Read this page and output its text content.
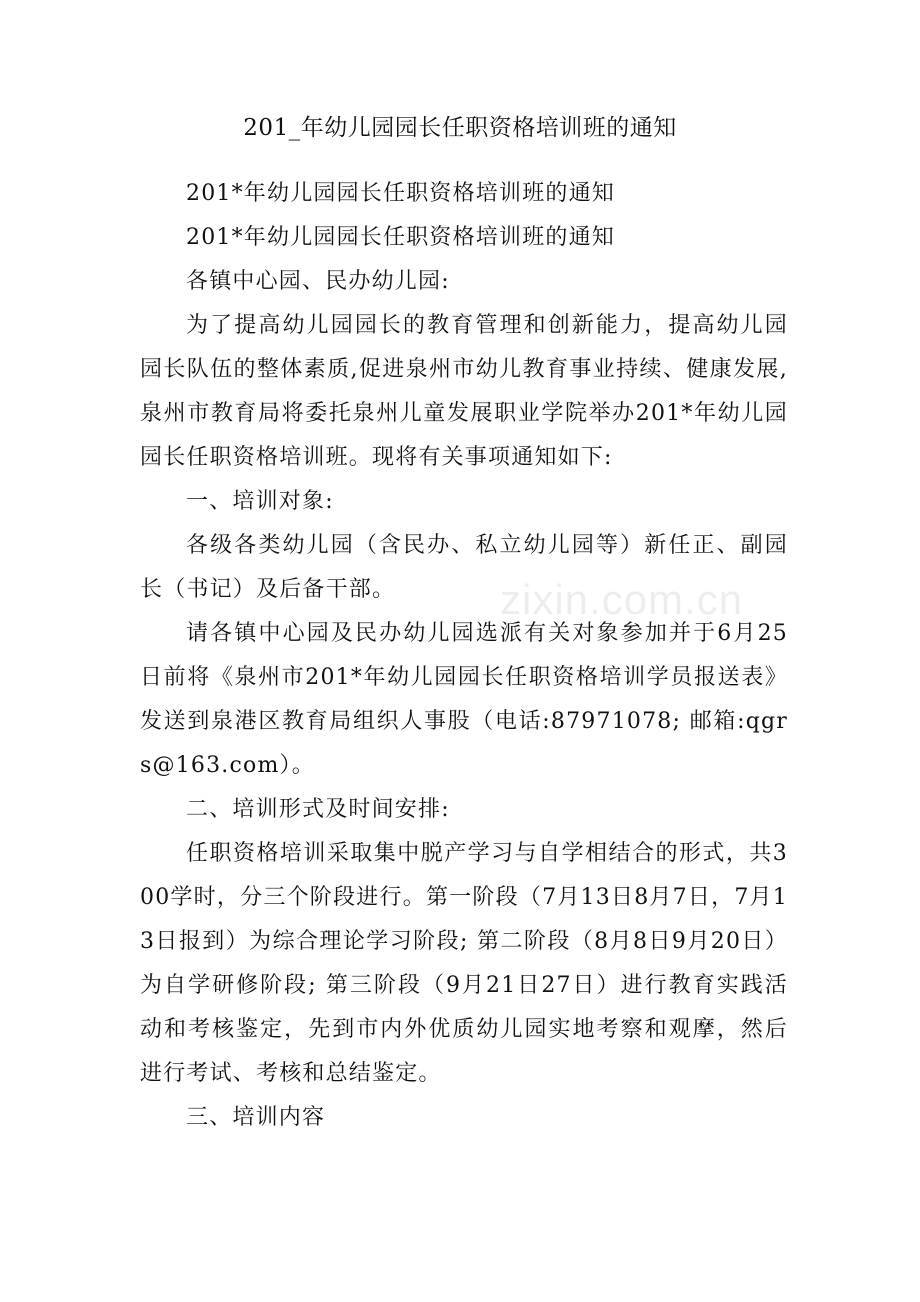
201_年幼儿园园长任职资格培训班的通知

201*年幼儿园园长任职资格培训班的通知

201*年幼儿园园长任职资格培训班的通知

各镇中心园、民办幼儿园:

为了提高幼儿园园长的教育管理和创新能力，提高幼儿园园长队伍的整体素质,促进泉州市幼儿教育事业持续、健康发展,泉州市教育局将委托泉州儿童发展职业学院举办201*年幼儿园园长任职资格培训班。现将有关事项通知如下:

一、培训对象:

各级各类幼儿园（含民办、私立幼儿园等）新任正、副园长（书记）及后备干部。

请各镇中心园及民办幼儿园选派有关对象参加并于6月25日前将《泉州市201*年幼儿园园长任职资格培训学员报送表》发送到泉港区教育局组织人事股（电话:87971078; 邮箱:qgrs@163.com）。

二、培训形式及时间安排:

任职资格培训采取集中脱产学习与自学相结合的形式，共300学时，分三个阶段进行。第一阶段（7月13日8月7日，7月13日报到）为综合理论学习阶段; 第二阶段（8月8日9月20日）为自学研修阶段; 第三阶段（9月21日27日）进行教育实践活动和考核鉴定，先到市内外优质幼儿园实地考察和观摩，然后进行考试、考核和总结鉴定。

三、培训内容

zixin.com.cn
